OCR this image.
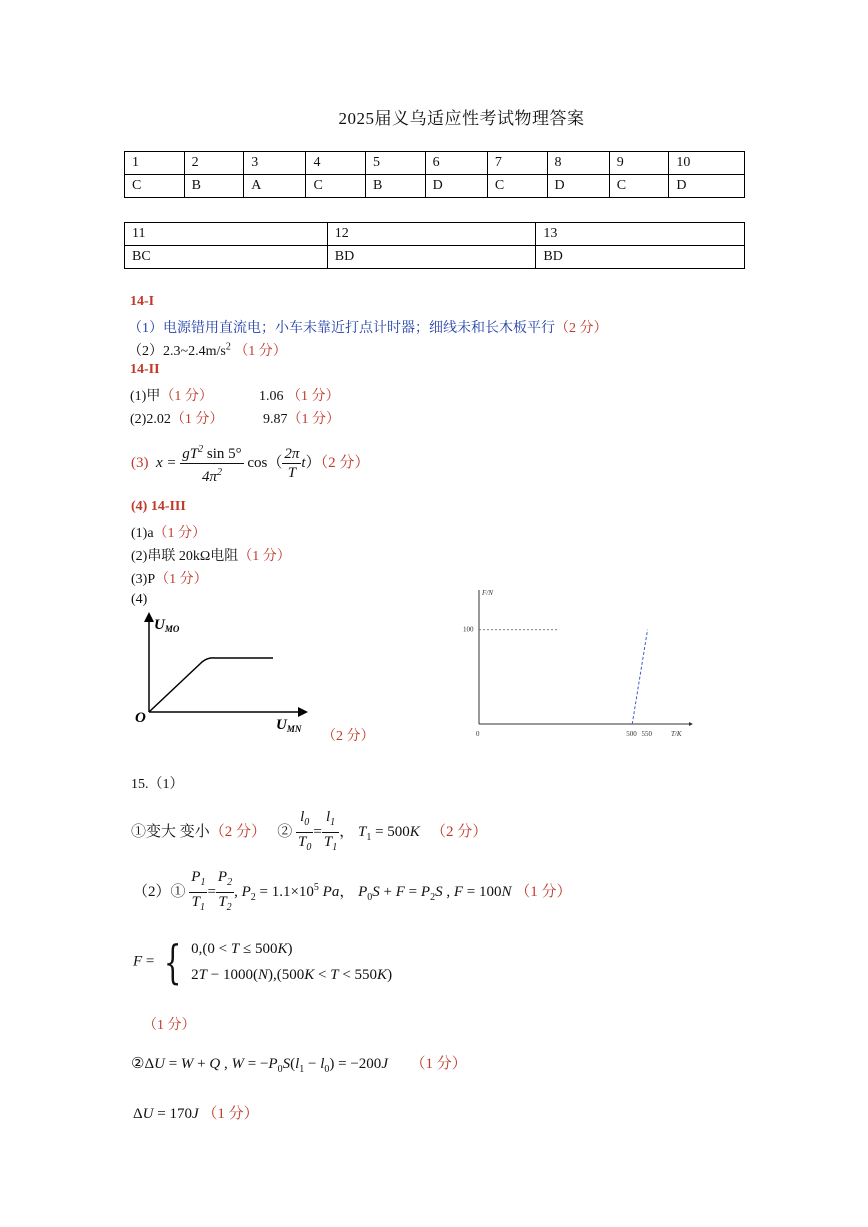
2025届义乌适应性考试物理答案
1	2	3	4	5	6	7	8	9	10
C	B	A	C	B	D	C	D	C	D
11	12	13
BC	BD	BD
14-I
（1）电源错用直流电；小车未靠近打点计时器；细线未和长木板平行（2 分）
$(2)2.3\sim 2.4m/s^2$ （1 分）
14-II
(1)甲（1 分）	1.06 （1 分）
(2)2.02（1 分）	9.87（1 分）
(3)  $x = \frac{gT^2 \sin 5^\circ}{4\pi^2} \cos( \frac{2\pi}{T} t)(2$ 分）
(4) 14-III
(1)a（1 分）
(2)串联 20kΩ电阻（1 分）
(3)P（1 分）
(4)
$U_{MO}$
$U_{MN}$
O
（2 分）
F/N
T/K
0	500 550
100
15.（1）
①变大 变小（2 分） ② $\frac{l_0}{T_0} = \frac{l_1}{T_1}$ ， $T_1 = 500K$ （2 分）
（2）① $\frac{P_1}{T_1} = \frac{P_2}{T_2}$ , $P_2 = 1.1\times 10^5$ Pa， $P_0S + F = P_2S$ , F = 100N （1 分）
F = { 0,(0 < T ≤ 500K)
2T − 1000(N),(500K < T < 550K)
（1 分）
②ΔU = W + Q , $W = -P_0S(l_1 - l_0) = -200J$ （1 分）
ΔU = 170J （1 分）
